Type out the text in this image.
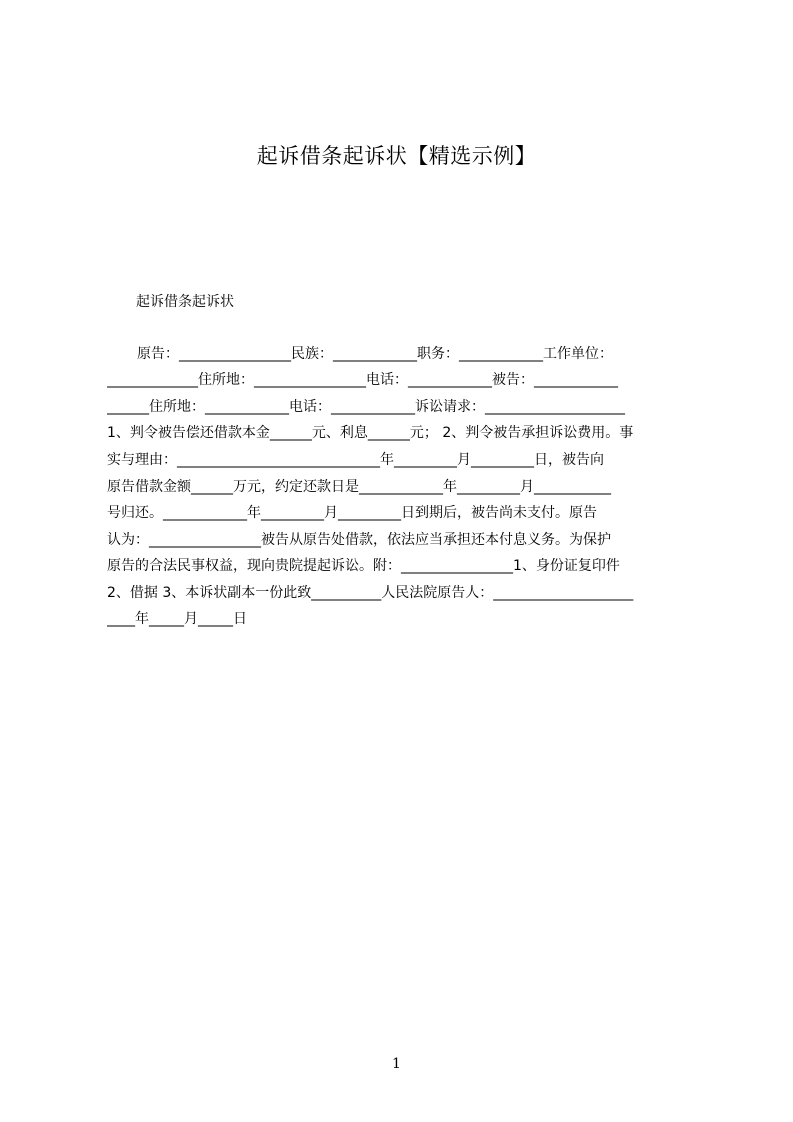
起诉借条起诉状【精选示例】
起诉借条起诉状
原告：________________民族：____________职务：____________工作单位：
_____________住所地：________________电话：____________被告：____________
______住所地：____________电话：____________诉讼请求：____________________
1、判令被告偿还借款本金______元、利息______元； 2、判令被告承担诉讼费用。事
实与理由：_____________________________年_________月_________日，被告向
原告借款金额______万元，约定还款日是____________年_________月___________
号归还。____________年_________月_________日到期后，被告尚未支付。原告
认为：________________被告从原告处借款，依法应当承担还本付息义务。为保护
原告的合法民事权益，现向贵院提起诉讼。附：________________1、身份证复印件
2、借据 3、本诉状副本一份此致__________人民法院原告人：____________________
____年_____月_____日
1
